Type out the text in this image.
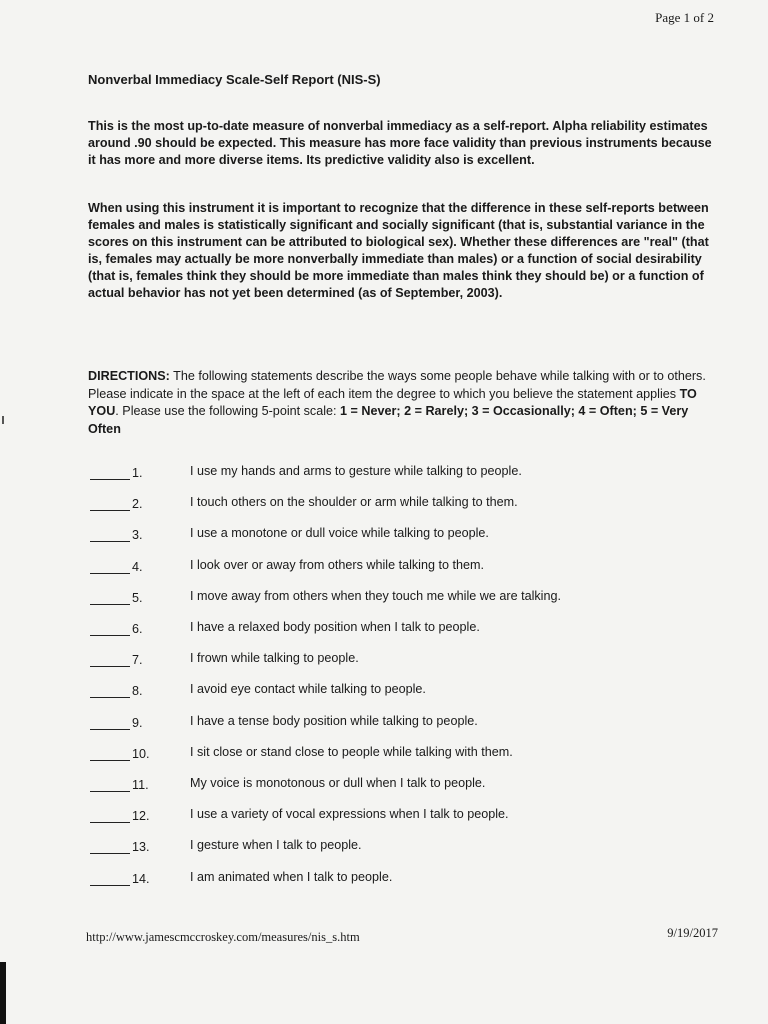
Page 1 of 2
Nonverbal Immediacy Scale-Self Report (NIS-S)
This is the most up-to-date measure of nonverbal immediacy as a self-report. Alpha reliability estimates around .90 should be expected. This measure has more face validity than previous instruments because it has more and more diverse items. Its predictive validity also is excellent.
When using this instrument it is important to recognize that the difference in these self-reports between females and males is statistically significant and socially significant (that is, substantial variance in the scores on this instrument can be attributed to biological sex). Whether these differences are "real" (that is, females may actually be more nonverbally immediate than males) or a function of social desirability (that is, females think they should be more immediate than males think they should be) or a function of actual behavior has not yet been determined (as of September, 2003).
DIRECTIONS: The following statements describe the ways some people behave while talking with or to others. Please indicate in the space at the left of each item the degree to which you believe the statement applies TO YOU. Please use the following 5-point scale: 1 = Never; 2 = Rarely; 3 = Occasionally; 4 = Often; 5 = Very Often
1.	I use my hands and arms to gesture while talking to people.
2.	I touch others on the shoulder or arm while talking to them.
3.	I use a monotone or dull voice while talking to people.
4.	I look over or away from others while talking to them.
5.	I move away from others when they touch me while we are talking.
6.	I have a relaxed body position when I talk to people.
7.	I frown while talking to people.
8.	I avoid eye contact while talking to people.
9.	I have a tense body position while talking to people.
10.	I sit close or stand close to people while talking with them.
11.	My voice is monotonous or dull when I talk to people.
12.	I use a variety of vocal expressions when I talk to people.
13.	I gesture when I talk to people.
14.	I am animated when I talk to people.
http://www.jamescmccroskey.com/measures/nis_s.htm	9/19/2017
